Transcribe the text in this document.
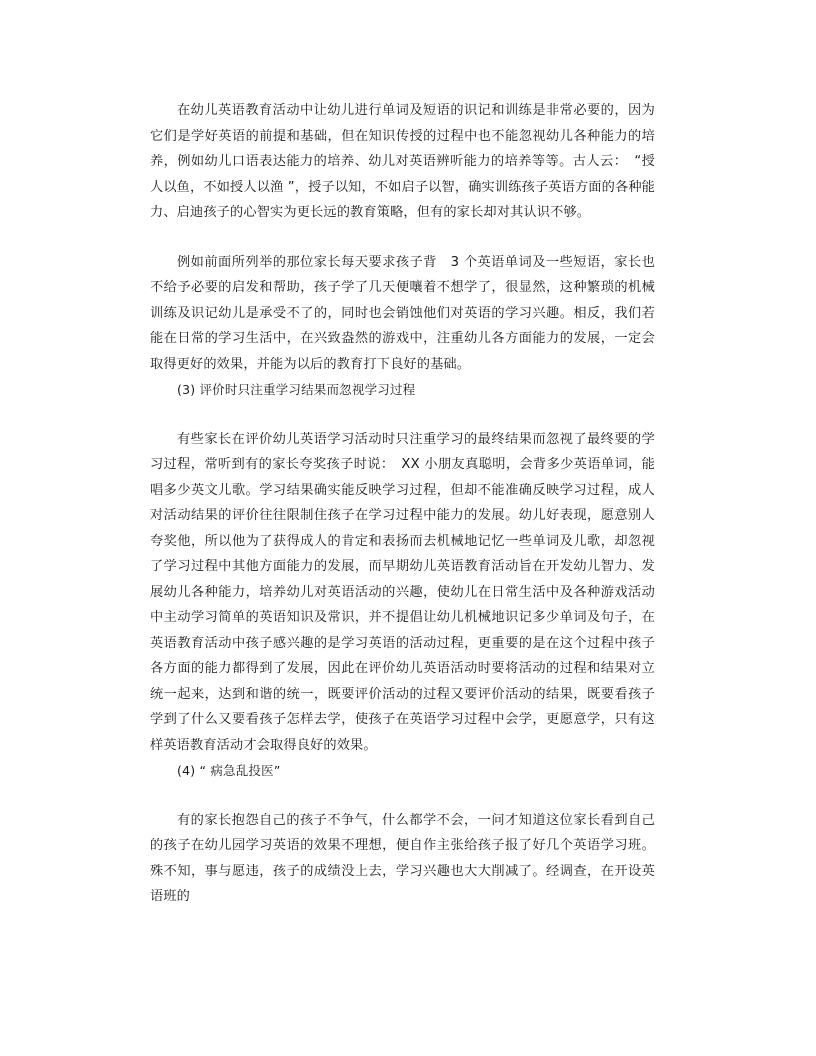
在幼儿英语教育活动中让幼儿进行单词及短语的识记和训练是非常必要的，因为它们是学好英语的前提和基础，但在知识传授的过程中也不能忽视幼儿各种能力的培养，例如幼儿口语表达能力的培养、幼儿对英语辨听能力的培养等等。古人云：　“授人以鱼，不如授人以渔 ”，授子以知，不如启子以智，确实训练孩子英语方面的各种能力、启迪孩子的心智实为更长远的教育策略，但有的家长却对其认识不够。

例如前面所列举的那位家长每天要求孩子背　3 个英语单词及一些短语，家长也不给予必要的启发和帮助，孩子学了几天便嚷着不想学了，很显然，这种繁琐的机械训练及识记幼儿是承受不了的，同时也会销蚀他们对英语的学习兴趣。相反，我们若能在日常的学习生活中，在兴致盎然的游戏中，注重幼儿各方面能力的发展，一定会取得更好的效果，并能为以后的教育打下良好的基础。

(3) 评价时只注重学习结果而忽视学习过程

有些家长在评价幼儿英语学习活动时只注重学习的最终结果而忽视了最终要的学习过程，常听到有的家长夸奖孩子时说：　XX 小朋友真聪明，会背多少英语单词，能唱多少英文儿歌。学习结果确实能反映学习过程，但却不能准确反映学习过程，成人对活动结果的评价往往限制住孩子在学习过程中能力的发展。幼儿好表现，愿意别人夸奖他，所以他为了获得成人的肯定和表扬而去机械地记忆一些单词及儿歌，却忽视了学习过程中其他方面能力的发展，而早期幼儿英语教育活动旨在开发幼儿智力、发展幼儿各种能力，培养幼儿对英语活动的兴趣，使幼儿在日常生活中及各种游戏活动中主动学习简单的英语知识及常识，并不提倡让幼儿机械地识记多少单词及句子，在英语教育活动中孩子感兴趣的是学习英语的活动过程，更重要的是在这个过程中孩子各方面的能力都得到了发展，因此在评价幼儿英语活动时要将活动的过程和结果对立统一起来，达到和谐的统一，既要评价活动的过程又要评价活动的结果，既要看孩子学到了什么又要看孩子怎样去学，使孩子在英语学习过程中会学，更愿意学，只有这样英语教育活动才会取得良好的效果。

(4) “ 病急乱投医”

有的家长抱怨自己的孩子不争气，什么都学不会，一问才知道这位家长看到自己的孩子在幼儿园学习英语的效果不理想，便自作主张给孩子报了好几个英语学习班。殊不知，事与愿违，孩子的成绩没上去，学习兴趣也大大削减了。经调查，在开设英语班的
